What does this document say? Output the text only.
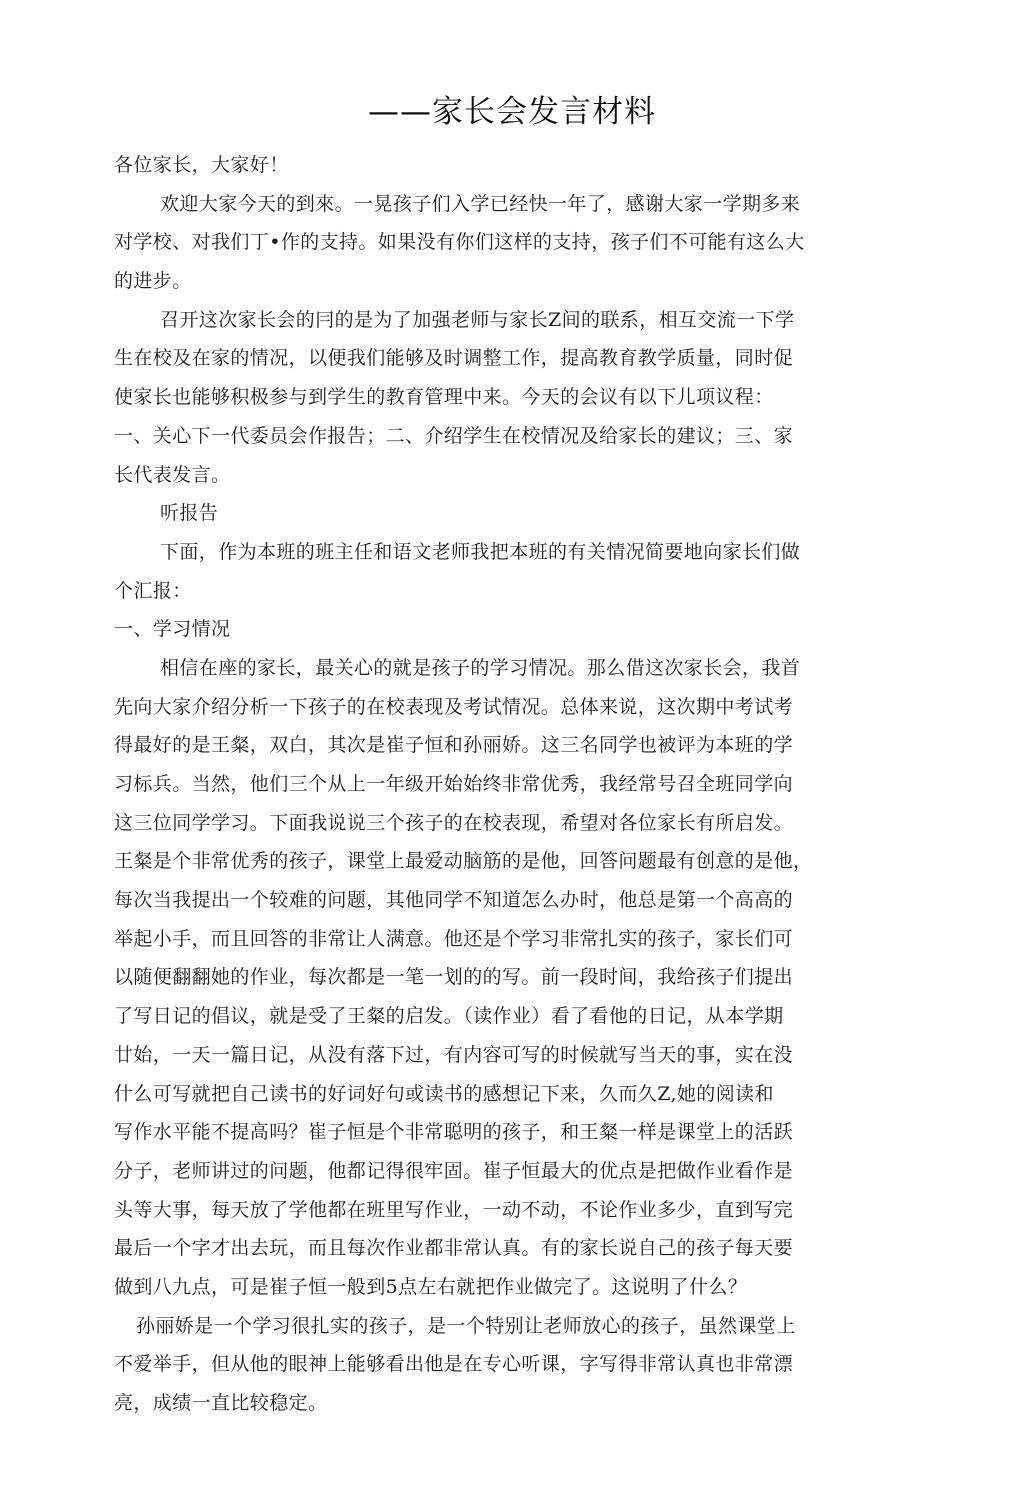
——家长会发言材料
各位家长，大家好！
欢迎大家今天的到來。一晃孩子们入学已经快一年了，感谢大家一学期多来
对学校、对我们丁•作的支持。如果没有你们这样的支持，孩子们不可能有这么大
的进步。
召开这次家长会的冃的是为了加强老师与家长Z间的联系，相互交流一下学
生在校及在家的情况，以便我们能够及时调整工作，提高教育教学质量，同时促
使家长也能够积极参与到学生的教育管理中来。今天的会议有以下儿项议程：
一、关心下一代委员会作报告；二、介绍学生在校情况及给家长的建议；三、家
长代表发言。
听报告
下面，作为本班的班主任和语文老师我把本班的有关情况简要地向家长们做
个汇报：
一、学习情况
相信在座的家长，最关心的就是孩子的学习情况。那么借这次家长会，我首
先向大家介绍分析一下孩子的在校表现及考试情况。总体来说，这次期中考试考
得最好的是王粲，双白，其次是崔子恒和孙丽娇。这三名同学也被评为本班的学
习标兵。当然，他们三个从上一年级开始始终非常优秀，我经常号召全班同学向
这三位同学学习。下面我说说三个孩子的在校表现，希望对各位家长有所启发。
王粲是个非常优秀的孩子，课堂上最爱动脑筋的是他，回答问题最有创意的是他，
每次当我提出一个较难的问题，其他同学不知道怎么办时，他总是第一个高高的
举起小手，而且回答的非常让人满意。他还是个学习非常扎实的孩子，家长们可
以随便翻翻她的作业，每次都是一笔一划的的写。前一段时间，我给孩子们提出
了写日记的倡议，就是受了王粲的启发。（读作业）看了看他的日记，从本学期
廿始，一天一篇日记，从没有落下过，有内容可写的时候就写当天的事，实在没
什么可写就把自己读书的好词好句或读书的感想记下来，久而久Z,她的阅读和
写作水平能不提高吗？崔子恒是个非常聪明的孩子，和王粲一样是课堂上的活跃
分子，老师讲过的问题，他都记得很牢固。崔子恒最大的优点是把做作业看作是
头等大事，每天放了学他都在班里写作业，一动不动，不论作业多少，直到写完
最后一个字才出去玩，而且每次作业都非常认真。有的家长说自己的孩子每天要
做到八九点，可是崔子恒一般到5点左右就把作业做完了。这说明了什么？
孙丽娇是一个学习很扎实的孩子，是一个特别让老师放心的孩子，虽然课堂上
不爱举手，但从他的眼神上能够看出他是在专心听课，字写得非常认真也非常漂
亮，成绩一直比较稳定。
